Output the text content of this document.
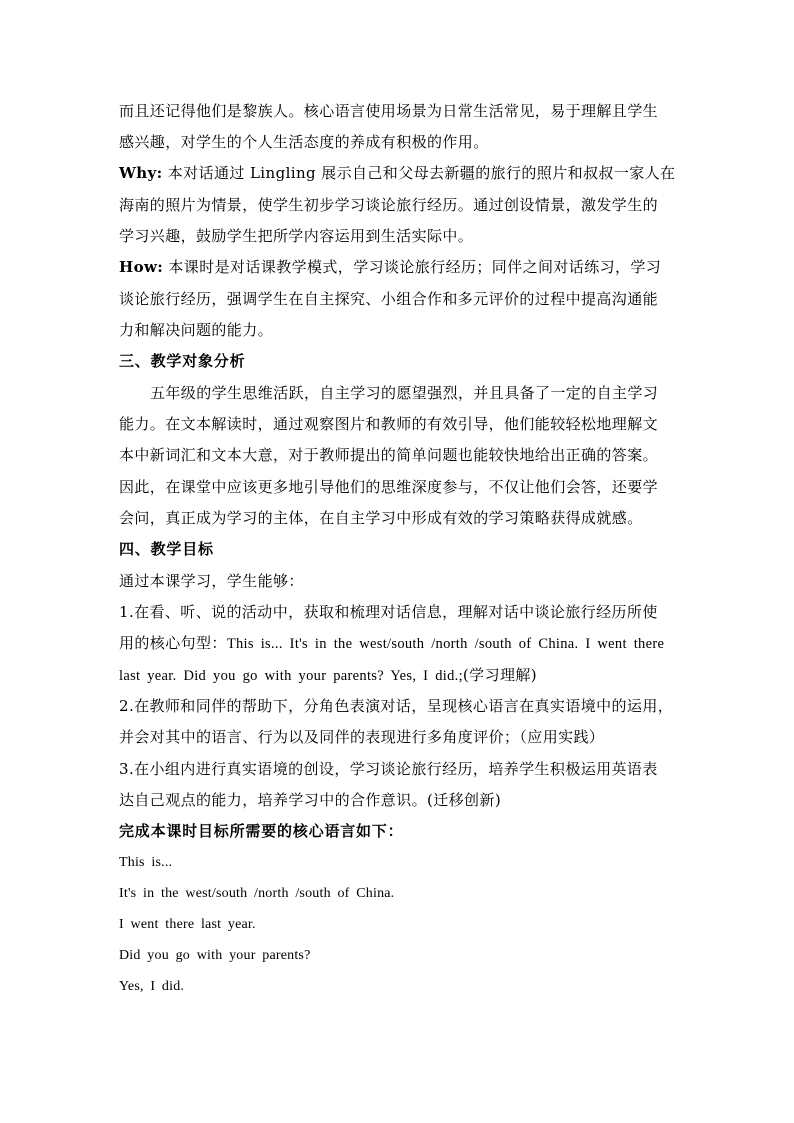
而且还记得他们是黎族人。核心语言使用场景为日常生活常见，易于理解且学生
感兴趣，对学生的个人生活态度的养成有积极的作用。
Why: 本对话通过 Lingling 展示自己和父母去新疆的旅行的照片和叔叔一家人在
海南的照片为情景，使学生初步学习谈论旅行经历。通过创设情景，激发学生的
学习兴趣，鼓励学生把所学内容运用到生活实际中。
How: 本课时是对话课教学模式，学习谈论旅行经历；同伴之间对话练习，学习
谈论旅行经历，强调学生在自主探究、小组合作和多元评价的过程中提高沟通能
力和解决问题的能力。
三、教学对象分析
五年级的学生思维活跃，自主学习的愿望强烈，并且具备了一定的自主学习
能力。在文本解读时，通过观察图片和教师的有效引导，他们能较轻松地理解文
本中新词汇和文本大意，对于教师提出的简单问题也能较快地给出正确的答案。
因此，在课堂中应该更多地引导他们的思维深度参与，不仅让他们会答，还要学
会问，真正成为学习的主体，在自主学习中形成有效的学习策略获得成就感。
四、教学目标
通过本课学习，学生能够：
1.在看、听、说的活动中，获取和梳理对话信息，理解对话中谈论旅行经历所使
用的核心句型：This is... It's in the west/south /north /south of China. I went there
last year. Did you go with your parents? Yes, I did.;(学习理解)
2.在教师和同伴的帮助下，分角色表演对话，呈现核心语言在真实语境中的运用，
并会对其中的语言、行为以及同伴的表现进行多角度评价；（应用实践）
3.在小组内进行真实语境的创设，学习谈论旅行经历，培养学生积极运用英语表
达自己观点的能力，培养学习中的合作意识。(迁移创新)
完成本课时目标所需要的核心语言如下：
This is...
It's in the west/south /north /south of China.
I went there last year.
Did you go with your parents?
Yes, I did.
